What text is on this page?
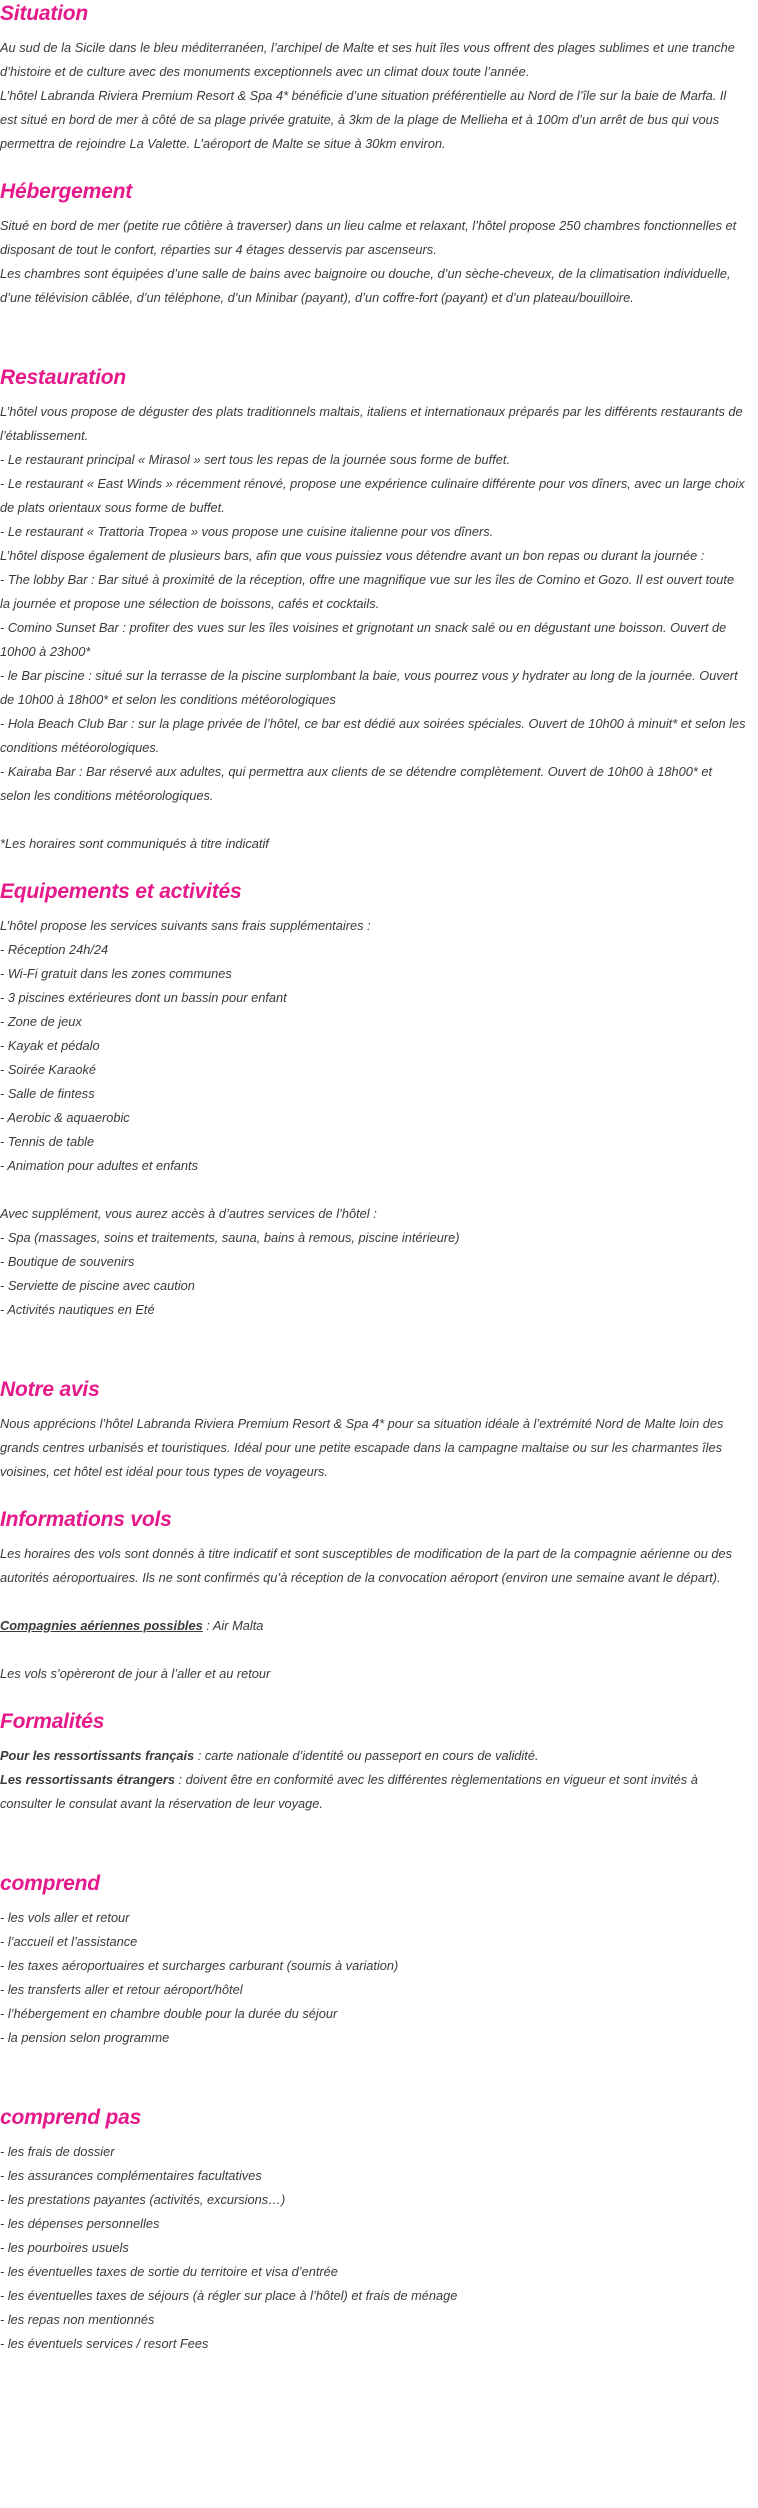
Situation

Au sud de la Sicile dans le bleu méditerranéen, l’archipel de Malte et ses huit îles vous offrent des plages sublimes et une tranche d’histoire et de culture avec des monuments exceptionnels avec un climat doux toute l’année.
L’hôtel Labranda Riviera Premium Resort & Spa 4* bénéficie d’une situation préférentielle au Nord de l’île sur la baie de Marfa. Il est situé en bord de mer à côté de sa plage privée gratuite, à 3km de la plage de Mellieha et à 100m d’un arrêt de bus qui vous permettra de rejoindre La Valette. L’aéroport de Malte se situe à 30km environ.

Hébergement

Situé en bord de mer (petite rue côtière à traverser) dans un lieu calme et relaxant, l’hôtel propose 250 chambres fonctionnelles et disposant de tout le confort, réparties sur 4 étages desservis par ascenseurs.
Les chambres sont équipées d’une salle de bains avec baignoire ou douche, d’un sèche-cheveux, de la climatisation individuelle, d’une télévision câblée, d’un téléphone, d’un Minibar (payant), d’un coffre-fort (payant) et d’un plateau/bouilloire.

Restauration

L’hôtel vous propose de déguster des plats traditionnels maltais, italiens et internationaux préparés par les différents restaurants de l’établissement.
- Le restaurant principal « Mirasol » sert tous les repas de la journée sous forme de buffet.
- Le restaurant « East Winds » récemment rénové, propose une expérience culinaire différente pour vos dîners, avec un large choix de plats orientaux sous forme de buffet.
- Le restaurant « Trattoria Tropea » vous propose une cuisine italienne pour vos dîners.
L’hôtel dispose également de plusieurs bars, afin que vous puissiez vous détendre avant un bon repas ou durant la journée :
- The lobby Bar : Bar situé à proximité de la réception, offre une magnifique vue sur les îles de Comino et Gozo. Il est ouvert toute la journée et propose une sélection de boissons, cafés et cocktails.
- Comino Sunset Bar : profiter des vues sur les îles voisines et grignotant un snack salé ou en dégustant une boisson. Ouvert de 10h00 à 23h00*
- le Bar piscine : situé sur la terrasse de la piscine surplombant la baie, vous pourrez vous y hydrater au long de la journée. Ouvert de 10h00 à 18h00* et selon les conditions météorologiques
- Hola Beach Club Bar : sur la plage privée de l’hôtel, ce bar est dédié aux soirées spéciales. Ouvert de 10h00 à minuit* et selon les conditions météorologiques.
- Kairaba Bar : Bar réservé aux adultes, qui permettra aux clients de se détendre complètement. Ouvert de 10h00 à 18h00* et selon les conditions météorologiques.
*Les horaires sont communiqués à titre indicatif

Equipements et activités

L’hôtel propose les services suivants sans frais supplémentaires :
- Réception 24h/24
- Wi-Fi gratuit dans les zones communes
- 3 piscines extérieures dont un bassin pour enfant
- Zone de jeux
- Kayak et pédalo
- Soirée Karaoké
- Salle de fintess
- Aerobic & aquaerobic
- Tennis de table
- Animation pour adultes et enfants
Avec supplément, vous aurez accès à d’autres services de l’hôtel :
- Spa (massages, soins et traitements, sauna, bains à remous, piscine intérieure)
- Boutique de souvenirs
- Serviette de piscine avec caution
- Activités nautiques en Eté

Notre avis

Nous apprécions l’hôtel Labranda Riviera Premium Resort & Spa 4* pour sa situation idéale à l’extrémité Nord de Malte loin des grands centres urbanisés et touristiques. Idéal pour une petite escapade dans la campagne maltaise ou sur les charmantes îles voisines, cet hôtel est idéal pour tous types de voyageurs.

Informations vols

Les horaires des vols sont donnés à titre indicatif et sont susceptibles de modification de la part de la compagnie aérienne ou des autorités aéroportuaires. Ils ne sont confirmés qu’à réception de la convocation aéroport (environ une semaine avant le départ).
Compagnies aériennes possibles : Air Malta
Les vols s’opèreront de jour à l’aller et au retour

Formalités

Pour les ressortissants français : carte nationale d’identité ou passeport en cours de validité.
Les ressortissants étrangers : doivent être en conformité avec les différentes règlementations en vigueur et sont invités à consulter le consulat avant la réservation de leur voyage.

comprend

- les vols aller et retour
- l’accueil et l’assistance
- les taxes aéroportuaires et surcharges carburant (soumis à variation)
- les transferts aller et retour aéroport/hôtel
- l’hébergement en chambre double pour la durée du séjour
- la pension selon programme

comprend pas

- les frais de dossier
- les assurances complémentaires facultatives
- les prestations payantes (activités, excursions…)
- les dépenses personnelles
- les pourboires usuels
- les éventuelles taxes de sortie du territoire et visa d’entrée
- les éventuelles taxes de séjours (à régler sur place à l’hôtel) et frais de ménage
- les repas non mentionnés
- les éventuels services / resort Fees
